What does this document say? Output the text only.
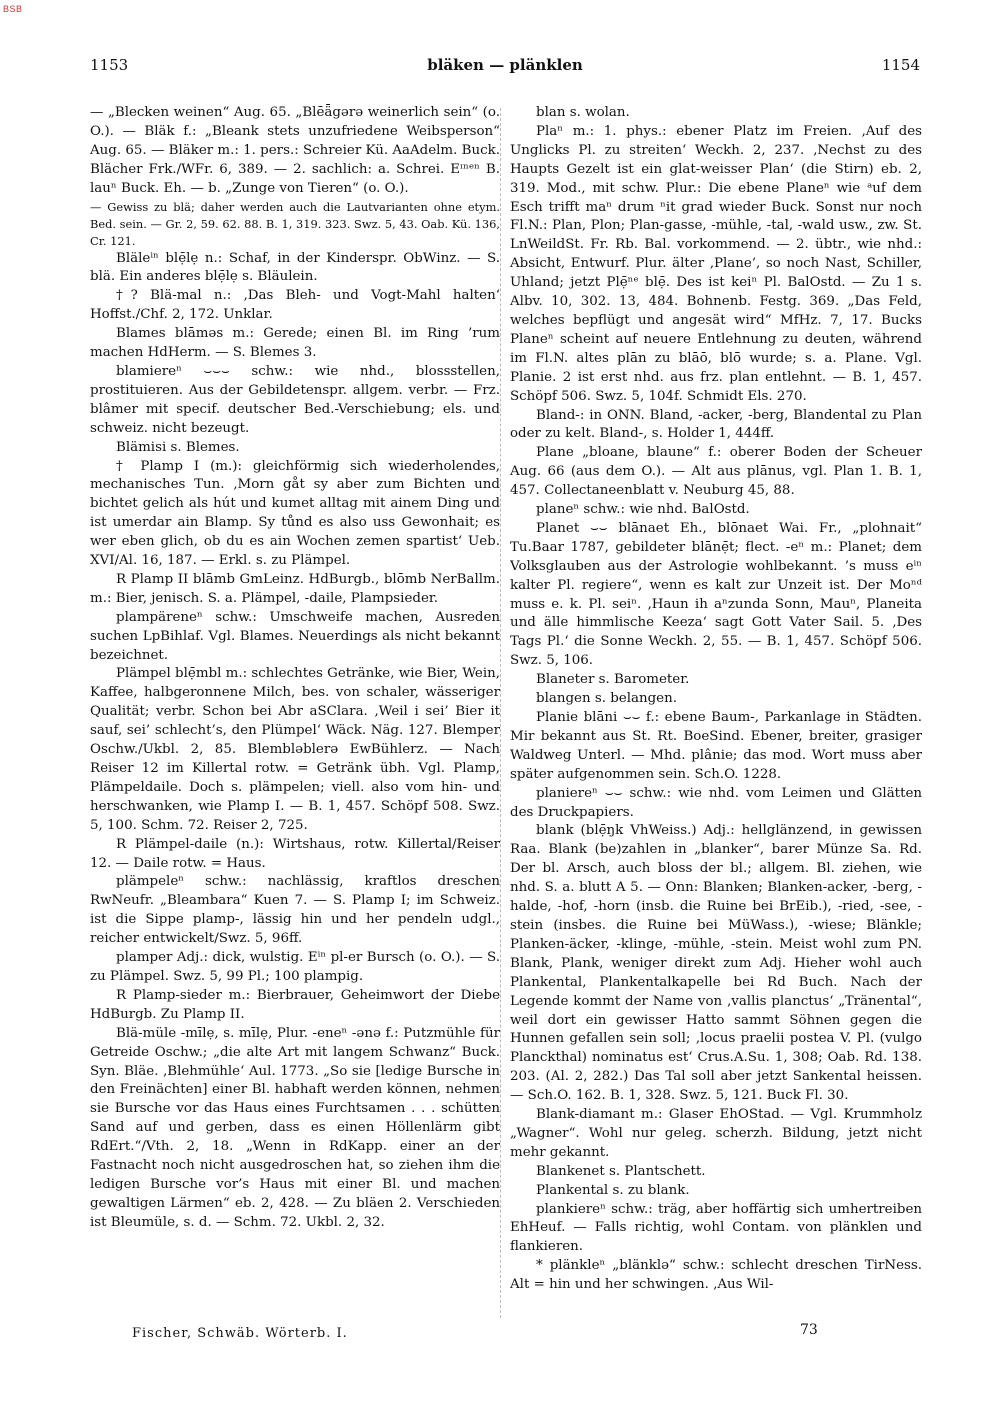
BSB
1153	bläken — plänklen	1154

— „Blecken weinen“ Aug. 65. „Blēǟgərə weinerlich sein“ (o. O.). — Bläk f.: „Bleank stets unzufriedene Weibsperson“ Aug. 65. — Bläker m.: 1. pers.: Schreier Kü. AaAdelm. Buck. Blächer Frk./WFr. 6, 389. — 2. sachlich: a. Schrei. Eᶦⁿᵉⁿ B. lauⁿ Buck. Eh. — b. „Zunge von Tieren“ (o. O.).

— Gewiss zu blä; daher werden auch die Lautvarianten ohne etym. Bed. sein. — Gr. 2, 59. 62. 88. B. 1, 319. 323. Swz. 5, 43. Oab. Kü. 136, Cr. 121.

Bläleⁱⁿ blẹ̄lẹ n.: Schaf, in der Kinderspr. ObWinz. — S. blä. Ein anderes blẹ̄lẹ s. Bläulein.

†? Blä-mal n.: ‚Das Bleh- und Vogt-Mahl halten‘ Hoffst./Chf. 2, 172. Unklar.

Blames blāməs m.: Gerede; einen Bl. im Ring ’rum machen HdHerm. — S. Blemes 3.

blamiereⁿ ⌣⌣⌣ schw.: wie nhd., blossstellen, prostituieren. Aus der Gebildetenspr. allgem. verbr. — Frz. blâmer mit specif. deutscher Bed.-Verschiebung; els. und schweiz. nicht bezeugt.

Blämisi s. Blemes.

† Plamp I (m.): gleichförmig sich wiederholendes, mechanisches Tun. ‚Morn gåt sy aber zum Bichten und bichtet gelich als hút und kumet alltag mit ainem Ding und ist umerdar ain Blamp. Sy tůnd es also uss Gewonhait; es wer eben glich, ob du es ain Wochen zemen spartist‘ Ueb. XVI/Al. 16, 187. — Erkl. s. zu Plämpel.

R Plamp II blāmb GmLeinz. HdBurgb., blōmb NerBallm. m.: Bier, jenisch. S. a. Plämpel, -daile, Plampsieder.

plampäreneⁿ schw.: Umschweife machen, Ausreden suchen LpBihlaf. Vgl. Blames. Neuerdings als nicht bekannt bezeichnet.

Plämpel blẹ̄mbl m.: schlechtes Getränke, wie Bier, Wein, Kaffee, halbgeronnene Milch, bes. von schaler, wässeriger Qualität; verbr. Schon bei Abr aSClara. ‚Weil i sei’ Bier it sauf, sei’ schlecht’s, den Plümpel‘ Wäck. Näg. 127. Blemper Oschw./Ukbl. 2, 85. Blembləblerə EwBühlerz. — Nach Reiser 12 im Killertal rotw. = Getränk übh. Vgl. Plamp, Plämpeldaile. Doch s. plämpelen; viell. also vom hin- und herschwanken, wie Plamp I. — B. 1, 457. Schöpf 508. Swz. 5, 100. Schm. 72. Reiser 2, 725.

R Plämpel-daile (n.): Wirtshaus, rotw. Killertal/Reiser 12. — Daile rotw. = Haus.

plämpeleⁿ schw.: nachlässig, kraftlos dreschen RwNeufr. „Bleambara“ Kuen 7. — S. Plamp I; im Schweiz. ist die Sippe plamp-, lässig hin und her pendeln udgl., reicher entwickelt/Swz. 5, 96ff.

plamper Adj.: dick, wulstig. Eⁱⁿ pl-er Bursch (o. O.). — S. zu Plämpel. Swz. 5, 99 Pl.; 100 plampig.

R Plamp-sieder m.: Bierbrauer, Geheimwort der Diebe HdBurgb. Zu Plamp II.

Blä-müle -mīlẹ, s. mīlẹ, Plur. -eneⁿ -ənə f.: Putzmühle für Getreide Oschw.; „die alte Art mit langem Schwanz“ Buck. Syn. Bläe. ‚Blehmühle‘ Aul. 1773. „So sie [ledige Bursche in den Freinächten] einer Bl. habhaft werden können, nehmen sie Bursche vor das Haus eines Furchtsamen . . . schütten Sand auf und gerben, dass es einen Höllenlärm gibt RdErt.“/Vth. 2, 18. „Wenn in RdKapp. einer an der Fastnacht noch nicht ausgedroschen hat, so ziehen ihm die ledigen Bursche vor’s Haus mit einer Bl. und machen gewaltigen Lärmen“ eb. 2, 428. — Zu bläen 2. Verschieden ist Bleumüle, s. d. — Schm. 72. Ukbl. 2, 32.

blan s. wolan.

Plaⁿ m.: 1. phys.: ebener Platz im Freien. ‚Auf des Unglicks Pl. zu streiten‘ Weckh. 2, 237. ‚Nechst zu des Haupts Gezelt ist ein glat-weisser Plan‘ (die Stirn) eb. 2, 319. Mod., mit schw. Plur.: Die ebene Planeⁿ wie ᵃuf dem Esch trifft maⁿ drum ⁿit grad wieder Buck. Sonst nur noch Fl.N.: Plan, Plon; Plan-gasse, -mühle, -tal, -wald usw., zw. St. LnWeildSt. Fr. Rb. Bal. vorkommend. — 2. übtr., wie nhd.: Absicht, Entwurf. Plur. älter ‚Plane‘, so noch Nast, Schiller, Uhland; jetzt Plẹ̄ⁿᵉ blẹ̄. Des ist keiⁿ Pl. BalOstd. — Zu 1 s. Albv. 10, 302. 13, 484. Bohnenb. Festg. 369. „Das Feld, welches bepflügt und angesät wird“ MfHz. 7, 17. Bucks Planeⁿ scheint auf neuere Entlehnung zu deuten, während im Fl.N. altes plān zu blāō, blō̄ wurde; s. a. Plane. Vgl. Planie. 2 ist erst nhd. aus frz. plan entlehnt. — B. 1, 457. Schöpf 506. Swz. 5, 104f. Schmidt Els. 270.

Bland-: in ONN. Bland, -acker, -berg, Blandental zu Plan oder zu kelt. Bland-, s. Holder 1, 444ff.

Plane „bloane, blaune“ f.: oberer Boden der Scheuer Aug. 66 (aus dem O.). — Alt aus plānus, vgl. Plan 1. B. 1, 457. Collectaneenblatt v. Neuburg 45, 88.

planeⁿ schw.: wie nhd. BalOstd.

Planet ⌣⌣ blānaet Eh., blōnaet Wai. Fr., „plohnait“ Tu.Baar 1787, gebildeter blānẹ̄t; flect. -eⁿ m.: Planet; dem Volksglauben aus der Astrologie wohlbekannt. ’s muss eⁱⁿ kalter Pl. regiere“, wenn es kalt zur Unzeit ist. Der Moⁿᵈ muss e. k. Pl. seiⁿ. ‚Haun ih aⁿzunda Sonn, Mauⁿ, Planeita und älle himmlische Keeza‘ sagt Gott Vater Sail. 5. ‚Des Tags Pl.‘ die Sonne Weckh. 2, 55. — B. 1, 457. Schöpf 506. Swz. 5, 106.

Blaneter s. Barometer.

blangen s. belangen.

Planie blāni ⌣⌣ f.: ebene Baum-, Parkanlage in Städten. Mir bekannt aus St. Rt. BoeSind. Ebener, breiter, grasiger Waldweg Unterl. — Mhd. plânie; das mod. Wort muss aber später aufgenommen sein. Sch.O. 1228.

planiereⁿ ⌣⌣ schw.: wie nhd. vom Leimen und Glätten des Druckpapiers.

blank (blẹ̄ŋk VhWeiss.) Adj.: hellglänzend, in gewissen Raa. Blank (be)zahlen in „blanker“, barer Münze Sa. Rd. Der bl. Arsch, auch bloss der bl.; allgem. Bl. ziehen, wie nhd. S. a. blutt A 5. — Onn: Blanken; Blanken-acker, -berg, -halde, -hof, -horn (insb. die Ruine bei BrEib.), -ried, -see, -stein (insbes. die Ruine bei MüWass.), -wiese; Blänkle; Planken-äcker, -klinge, -mühle, -stein. Meist wohl zum PN. Blank, Plank, weniger direkt zum Adj. Hieher wohl auch Plankental, Plankentalkapelle bei Rd Buch. Nach der Legende kommt der Name von ‚vallis planctus‘ „Tränental“, weil dort ein gewisser Hatto sammt Söhnen gegen die Hunnen gefallen sein soll; ‚locus praelii postea V. Pl. (vulgo Planckthal) nominatus est‘ Crus.A.Su. 1, 308; Oab. Rd. 138. 203. (Al. 2, 282.) Das Tal soll aber jetzt Sankental heissen. — Sch.O. 162. B. 1, 328. Swz. 5, 121. Buck Fl. 30.

Blank-diamant m.: Glaser EhOStad. — Vgl. Krummholz „Wagner“. Wohl nur geleg. scherzh. Bildung, jetzt nicht mehr gekannt.

Blankenet s. Plantschett.

Plankental s. zu blank.

plankiereⁿ schw.: träg, aber hoffärtig sich umhertreiben EhHeuf. — Falls richtig, wohl Contam. von plänklen und flankieren.

* plänkleⁿ „blänklə“ schw.: schlecht dreschen TirNess. Alt = hin und her schwingen. ‚Aus Wil-

Fischer, Schwäb. Wörterb. I.	73
